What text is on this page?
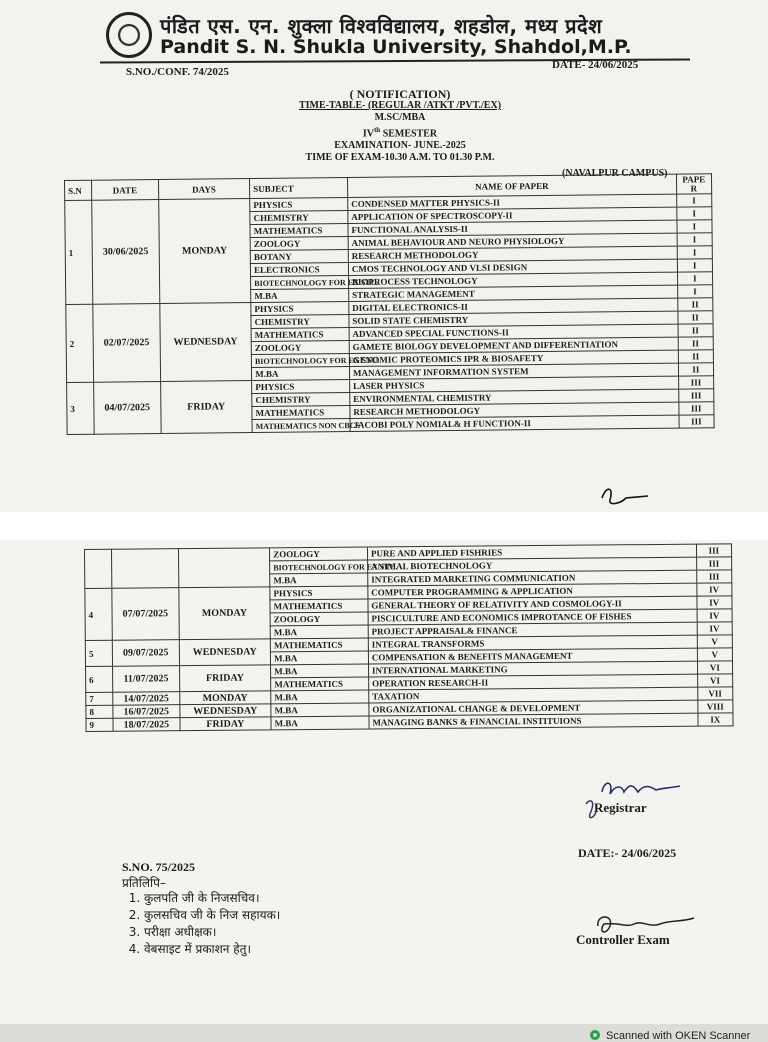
पंडित एस. एन. शुक्ला विश्वविद्यालय, शहडोल, मध्य प्रदेश
Pandit S. N. Shukla University, Shahdol,M.P.
S.NO./CONF. 74/2025
DATE- 24/06/2025
( NOTIFICATION)
TIME-TABLE- (REGULAR /ATKT /PVT./EX)
M.SC/MBA
IVth SEMESTER
EXAMINATION- JUNE.-2025
TIME OF EXAM-10.30 A.M. TO 01.30 P.M.
(NAVALPUR CAMPUS)
S.N	DATE	DAYS	SUBJECT	NAME OF PAPER	PAPE R
1	30/06/2025	MONDAY	PHYSICS	CONDENSED MATTER PHYSICS-II	I
			CHEMISTRY	APPLICATION OF SPECTROSCOPY-II	I
			MATHEMATICS	FUNCTIONAL ANALYSIS-II	I
			ZOOLOGY	ANIMAL BEHAVIOUR AND NEURO PHYSIOLOGY	I
			BOTANY	RESEARCH METHODOLOGY	I
			ELECTRONICS	CMOS TECHNOLOGY AND VLSI DESIGN	I
			BIOTECHNOLOGY FOR EX STU.	BIOPROCESS TECHNOLOGY	I
			M.BA	STRATEGIC MANAGEMENT	I
2	02/07/2025	WEDNESDAY	PHYSICS	DIGITAL ELECTRONICS-II	II
			CHEMISTRY	SOLID STATE CHEMISTRY	II
			MATHEMATICS	ADVANCED SPECIAL FUNCTIONS-II	II
			ZOOLOGY	GAMETE BIOLOGY DEVELOPMENT AND DIFFERENTIATION	II
			BIOTECHNOLOGY FOR EX STU.	GENOMIC PROTEOMICS IPR & BIOSAFETY	II
			M.BA	MANAGEMENT INFORMATION SYSTEM	II
3	04/07/2025	FRIDAY	PHYSICS	LASER PHYSICS	III
			CHEMISTRY	ENVIRONMENTAL CHEMISTRY	III
			MATHEMATICS	RESEARCH METHODOLOGY	III
			MATHEMATICS NON CBCS	JACOBI POLY NOMIAL& H FUNCTION-II	III
Scanned with OKEN Scanner
			ZOOLOGY	PURE AND APPLIED FISHRIES	III
			BIOTECHNOLOGY FOR EX STU.	ANIMAL BIOTECHNOLOGY	III
			M.BA	INTEGRATED MARKETING COMMUNICATION	III
4	07/07/2025	MONDAY	PHYSICS	COMPUTER PROGRAMMING & APPLICATION	IV
			MATHEMATICS	GENERAL THEORY OF RELATIVITY AND COSMOLOGY-II	IV
			ZOOLOGY	PISCICULTURE AND ECONOMICS IMPROTANCE OF FISHES	IV
			M.BA	PROJECT APPRAISAL& FINANCE	IV
5	09/07/2025	WEDNESDAY	MATHEMATICS	INTEGRAL TRANSFORMS	V
			M.BA	COMPENSATION & BENEFITS MANAGEMENT	V
6	11/07/2025	FRIDAY	M.BA	INTERNATIONAL MARKETING	VI
			MATHEMATICS	OPERATION RESEARCH-II	VI
7	14/07/2025	MONDAY	M.BA	TAXATION	VII
8	16/07/2025	WEDNESDAY	M.BA	ORGANIZATIONAL CHANGE & DEVELOPMENT	VIII
9	18/07/2025	FRIDAY	M.BA	MANAGING BANKS & FINANCIAL INSTITUIONS	IX
Registrar
DATE:- 24/06/2025
S.NO. 75/2025
प्रतिलिपि–
1. कुलपति जी के निजसचिव।
2. कुलसचिव जी के निज सहायक।
3. परीक्षा अधीक्षक।
4. वेबसाइट में प्रकाशन हेतु।
Controller Exam
